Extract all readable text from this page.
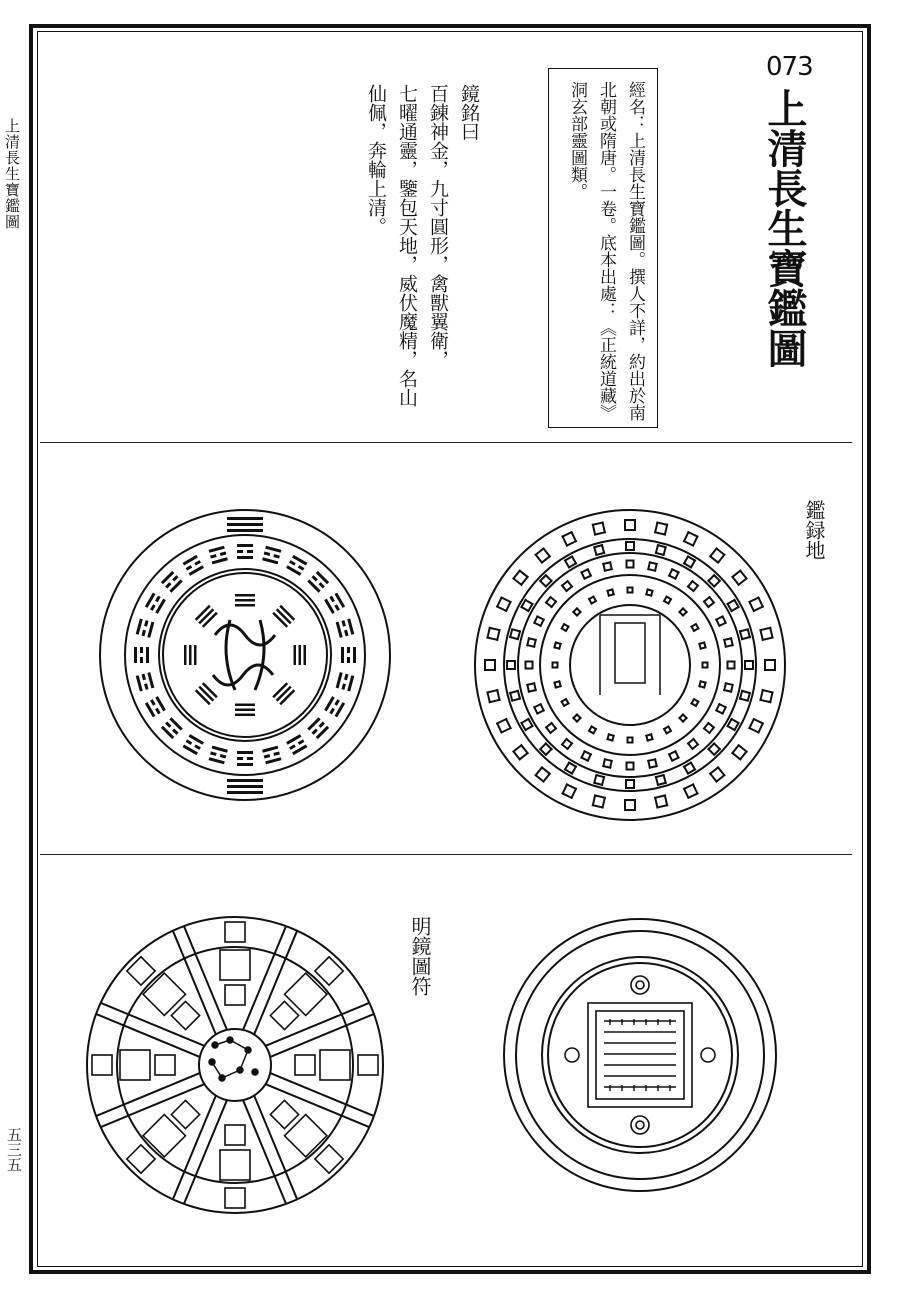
上清長生寶鑑圖
五三五
073
上清長生寶鑑圖
經名：上清長生寶鑑圖。撰人不詳，約出於南北朝或隋唐。一卷。底本出處：《正統道藏》洞玄部靈圖類。
鏡銘曰
百錬神金，九寸圓形，禽獸翼衛，
七曜通靈，鑒包天地，威伏魔精，名山
仙佩，奔輪上清。
鑑録地
明鏡圖符
